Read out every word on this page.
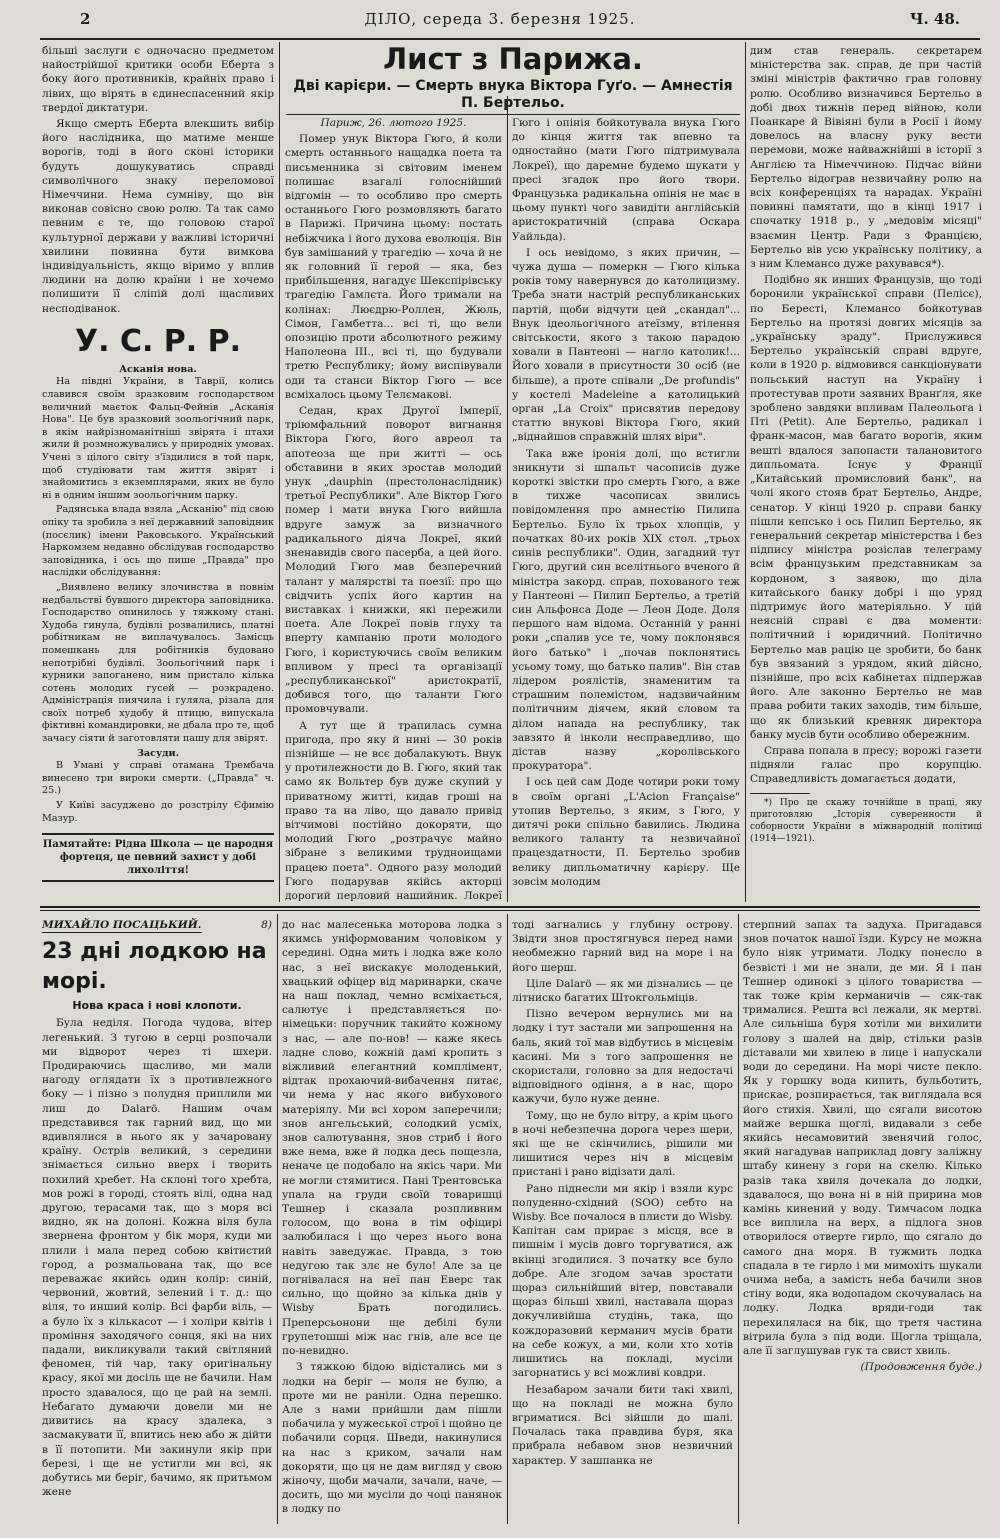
2	ДІЛО, середа 3. березня 1925.	Ч. 48.

більші заслуги є одночасно предметом найострійшої критики особи Еберта з боку його противників, крайніх право і лівих, що вірять в єдинеспасенний якір твердої диктатури.

Якщо смерть Еберта влекшить вибір його наслідника, що матиме менше ворогів, тоді в його сконі історики будуть дошукуватись справді символічного знаку переломової Німеччини. Нема сумніву, що він виконав совісно свою ролю. Та так само певним є те, що головою старої культурної держави у важливі історичні хвилини повинна бути вимкова індивідуальність, якщо віримо у вплив людини на долю країни і не хочемо полишити її сліпій долі щасливих несподіванок.

У. С. Р. Р.
Асканія нова.

На півдні України, в Таврії, колись славився своїм зразковим господарством величний маєток Фальц-Фейнів „Асканія Нова". Це був зразковий зоольогічний парк, в якім найрізноманітніші звірята і птахи жили й розмножувались у природніх умовах. Учені з цілого світу з'їздилися в той парк, щоб студіювати там життя звірят і знайомитись з екземплярами, яких не було ні в одним іншим зоольогічним парку.

Радянська влада взяла „Асканію" під свою опіку та зробила з неї державний заповідник (посєлик) імени Раковського. Український Наркомзем недавно обслідував господарство заповідника, і ось що пише „Правда" про наслідки обслідування:

„Виявлено велику злочинства в повнім недбальстві бувшого директора заповідника. Господарство опинилось у тяжкому стані. Худоба гинула, будівлі розвалились, платні робітникам не виплачувалось. Замісць помешкань для робітників будовано непотрібні будівлі. Зоольогічний парк і курники запоганено, ним пристало кілька сотень молодих гусей — розкрадено. Адміністрація пиячила і гуляла, різала для своїх потреб худобу й птицю, випускала фіктивні командировки, не дбала про те, щоб зачасу сіяти й заготовляти пашу для звірят.

Засуди.

В Умані у справі отамана Трембача винесено три вироки смерти. („Правда" ч. 25.)

У Київі засуджено до розстрілу Єфимію Мазур.

Памятайте: Рідна Школа — це народня фортеця, це певний захист у добі лихоліття!
Лист з Парижа.
Дві карієри. — Смерть внука Віктора Гуґо. — Амнестія П. Бертельо.

Париж, 26. лютого 1925.

Помер унук Віктора Гюго, й коли смерть останнього нащадка поета та письменника зі світовим іменем полишає взагалі голоснійший відгомін — то особливо про смерть останнього Гюго розмовляють багато в Парижі. Причина цьому: постать небіжчика і його духова еволюція. Він був замішаний у трагедію — хоча й не як головний її герой — яка, без прибільшення, нагадує Шекспірівську трагедію Гамлєта. Його тримали на колінах: Люєдрю-Роллен, Жюль, Сімон, Гамбетта... всі ті, що вели опозицію проти абсолютного режиму Наполеона ІІІ., всі ті, що будували третю Республику; йому виспівували оди та станси Віктор Гюго — все всміхалось цьому Телємакові.

Седан, крах Другої Імперії, тріюмфальний поворот вигнання Віктора Гюго, його авреол та апотеоза ще при житті — ось обставини в яких зростав молодий унук „dauphin (престолонаслідник) третьої Республики". Але Віктор Гюго помер і мати внука Гюго вийшла вдруге замуж за визначного радикального діяча Локреї, який зненавидів свого пасерба, а цей його. Молодий Гюго мав безперечний талант у малярстві та поезії: про що свідчить успіх його картин на виставках і книжки, які пережили поета. Але Локреї повів глуху та вперту кампанію проти молодого Гюго, і користуючись своїм великим впливом у пресі та організації „республиканської" аристократії, добився того, що таланти Гюго промовчували.

А тут ще й трапилась сумна пригода, про яку й нині — 30 років пізнійше — не всє добалакують. Внук у протилежности до В. Гюго, який так само як Вольтер був дуже скупий у приватному житті, кидав гроші на право та на ліво, що давало привід вітчимові постійно докоряти, що молодий Гюго „розтрачує майно зібране з великими трудноищами працею поета". Одного разу молодий Гюго подарував якійсь акторці дорогий перловий нашийник. Локреї

Гюго і опінія бойкотувала внука Гюго до кінця життя так впевно та одностайно (мати Гюго підтримувала Локреї), що даремне будемо шукати у пресі згадок про його твори. Французька радикальна опінія не має в цьому пункті чого завидіти англійській аристократичній (справа Оскара Уайльда).

І ось невідомо, з яких причин, — чужа душа — померкн — Гюго кілька років тому навернувся до католицизму. Треба знати настрій республиканських партій, щоби відчути цей „скандал"... Внук ідеольогічного атеїзму, втілення світськости, якого з такою парадою ховали в Пантеоні — нагло католик!... Його ховали в присутности 30 осіб (не більше), а проте співали „De profundis" у костелі Madeleine а католицький орган „La Croix" присвятив передову статтю внукові Віктора Гюго, який „віднайшов справжній шлях віри".

Така вже іронія долі, що встигли зникнути зі шпальт часописів дуже короткі звістки про смерть Гюго, а вже в тихже часописах звились повідомлення про амнестію Пилипа Бертельо. Було їх трьох хлопців, у початках 80-их років ХІХ стол. „трьох синів республики". Один, загадний тут Гюго, другий син вселітнього вченого й міністра закорд. справ, похованого теж у Пантеоні — Пилип Бертельо, а третій син Альфонса Доде — Леон Доде. Доля першого нам відома. Останній у ранні роки „спалив усе те, чому поклонявся його батько" і „почав поклонятись усьому тому, що батько палив". Він став лідером роялістів, знаменитим та страшним полемістом, надзвичайним політичним діячем, який словом та ділом напада на республику, так завзято й інколи несправедливо, що дістав назву „королівського прокуратора".

І ось цей сам Доде чотири роки тому в своїм органі „L'Acion Française" утопив Вертельо, з яким, з Гюго, у дитячі роки спільно бавились. Людина великого таланту та незвичайної працездатности, П. Бертельо зробив велику дипльоматичну карієру. Ще зовсім молодим

дим став генераль. секретарем міністерства зак. справ, де при частій зміні міністрів фактично грав головну ролю. Особливо визначився Бертельо в добі двох тижнів перед війною, коли Поанкаре й Вівіяні були в Росії і йому довелось на власну руку вести перемови, може найважнійші в історії з Англією та Німеччиною. Підчас війни Бертельо відограв незвичайну ролю на всіх конференціях та нарадах. Україні повинні памятати, що в кінці 1917 і спочатку 1918 р., у „медовім місяці" взаємин Центр. Ради з Францією, Бертельо вів усю українську політику, а з ним Клеманco дуже рахувався*).

Подібно як инших Французів, що тоді боронили української справи (Пелісє), по Бересті, Клемансо бойкотував Бертельо на протязі довгих місяців за „українську зраду". Прислужився Бертельо українській справі вдруге, коли в 1920 р. відмовився санкціонувати польський наступ на Україну і протестував проти заявних Вранґля, яке зроблено завдяки впливам Палеольога і Пті (Petit). Але Бертельо, радикал і франк-масон, мав багато ворогів, яким вешті вдалося запопасти талановитого дипльомата. Існує у Франції „Китайський промисловий банк", на чолі якого стояв брат Бертельо, Андре, сенатор. У кінці 1920 р. справи банку пішли кепсько і ось Пилип Бертельо, як генеральний секретар міністерства і без підпису міністра розіслав телеграму всім французьким представникам за кордоном, з заявою, що діла китайського банку добрі і що уряд підтримує його матеріяльно. У цій неясній справі є два моменти: політичний і юридичний. Політично Бертельо мав рацію це зробити, бо банк був звязаний з урядом, який дійсно, пізнійше, про всіх кабінетах підпержав його. Але законно Бертельо не мав права робити таких заходів, тим більше, що як близький кревняк директора банку мусів бути особливо обережним.

Справа попала в пресу; ворожі газети підняли галас про корупцію. Справедливість домагається додати,

*) Про це скажу точнійше в праці, яку приготовляю „Історія суверенности й соборности України в міжнародній політиці (1914—1921).

МИХАЙЛО ПОСАЦЬКИЙ.	8)
23 дні лодкою на морі.
Нова краса і нові клопоти.

Була неділя. Погода чудова, вітер легенький. З тугою в серці розпочали ми відворот через ті шхери. Продираючись щасливо, ми мали нагоду оглядати їх з противлежного боку — і пізно з полудня приплили ми лиш до Dalarö. Нашим очам представився так гарний вид, що ми вдивлялися в нього як у зачаровану країну. Острів великий, з середини знімається сильно вверх і творить похилий хребет. На склоні того хребта, мов рожі в городі, стоять вілі, одна над другою, терасами так, що з моря всі видно, як на долоні. Кожна віля була звернена фронтом у бік моря, куди ми плили і мала перед собою квітистий город, а розмальована так, що все переважає якийсь один колір: синій, червоний, жовтий, зелений і т. д.: що віля, то инший колір. Всі фарби віль, — а було їх з кількасот — і холіри квітів і проміння заходячого сонця, які на них падали, викликували такий світляний феномен, тій чар, таку оригінальну красу, якої ми досіль ще не бачили. Нам просто здавалося, що це рай на землі. Небагато думаючи довели ми не дивитись на красу здалека, з засмакувати її, впитись нею або ж дійти в її потопити. Ми закинули якір при березі, і ще не устигли ми всі, як добутись ми беріг, бачимо, як притьмом жене

до нас малесенька моторова лодка з якимсь уніформованим чоловіком у середині. Одна мить і лодка вже коло нас, з неї вискакує молоденький, хвацький офіцер від маринарки, скаче на наш поклад, чемно всміхається, салютує і представляється по-німецьки: поручник такийто кожному з нас, — але по-нов! — каже якесь ладне слово, кожній дамі кропить з віжливий елегантний комплімент, відтак прохаючий-вибачення питає, чи нема у нас якого вибухового матеріялу. Ми всі хором заперечили; знов ангельський, солодкий усміх, знов салютування, знов стриб і його вже нема, вже й лодка десь пощезла, неначе це подобало на якісь чари. Ми не могли стямитися. Пані Трентовська упала на груди своїй товаришці Тешнер і сказала розпливним голосом, що вона в тім офіцирі залюбилася і що через нього вона навіть заведужає. Правда, з тою недугою так злє не було! Але за це погнівалася на неї пан Еверс так сильно, що щойно за кілька днів у Wisby Брать погодились. Преперсьонони ще дебілі були групетошші між нас гнів, але все це по-невидно.

З тяжкою бідою відістались ми з лодки на беріг — моля не булю, а проте ми не раніли. Одна перешко. Але з нами прийшли дам пішли побачила у мужеської строї і щойно це побачили сорця. Шведи, накинулися на нас з криком, зачали нам докоряти, що ця не дам вигляд у свою жіночу, щоби мачали, зачали, наче, — досить, що ми мусіли до чоці панянок в лодку по

тоді загнались у глубину острову. Звідти знов простягнувся перед нами необмежно гарний вид на море і на його шерш.

Ціле Dalarö — як ми дізнались — це літниско багатих Штокгольміців.

Пізно вечером вернулись ми на лодку і тут застали ми запрошення на баль, який тої мав відбутись в місцевім касині. Ми з того запрошення не скористали, головно за для недостачі відповідного одіння, а в нас, щоро кажучи, було нуже денне.

Тому, що не було вітру, а крім цього в ночі небезпечна дорога через шери, які ще не скінчились, рішили ми лишитися через ніч в місцевім пристані і рано відізати далі.

Рано піднесли ми якір і взяли курс полуденно-східний (SOO) себто на Wisby. Все почалося в плисти до Wisby. Капітан сам прирає з місця, все в пишнім і мусів довго торгуватися, аж вкінці згодилися. З початку все було добре. Але згодом зачав зростати щораз сильнійший вітер, повставали щораз більші хвилі, наставала щораз докучливійша студінь, така, що кождоразовий керманич мусів брати на себе кожух, а ми, коли хто хотів лишитись на покладі, мусіли загорнатись у всі можливі ковдри.

Незабаром зачали бити такі хвилі, що на покладі не можна було вгриматися. Всі зійшли до шалі. Почалась така правдива буря, яка прибрала небавом знов незвичний характер. У зашпанка не

стерпний запах та задуха. Пригадався знов початок нашої їзди. Курсу не можна було ніяк утримати. Лодку понесло в безвісті і ми не знали, де ми. Я і пан Тешнер одинокі з цілого товариства — так тоже крім керманичів — сяк-так трималися. Решта всі лежали, як мертві. Але сильніша буря хотіли ми вихилити голову з шалей на двір, стільки разів діставали ми хвилею в лице і напускали води до середини. На морі чисте пекло. Як у горшку вода кипить, бульботить, прискає, розпирається, так виглядала вся його стихія. Хвилі, що сягали висотою майже вершка щоглі, видавали з себе якийсь несамовитий звенячий голос, який нагадував наприклад довгу заліжну штабу кинену з гори на скелю. Кілько разів така хвиля дочекала до лодки, здавалося, що вона ні в ній пририна мов камінь кинений у воду. Тимчасом лодка все виплила на верх, а підлога знов отворилося отверте гирло, що сягало до самого дна моря. В тужмить лодка спадала в те гирло і ми мимохіть шукали очима неба, а замість неба бачили знов стіну води, яка водопадом скочувалась на лодку. Лодка вряди-годи так перехилялася на бік, що третя частина вітрила була з під води. Щогла тріщала, але її заглушував гук та свист хвиль.

(Продовження буде.)
